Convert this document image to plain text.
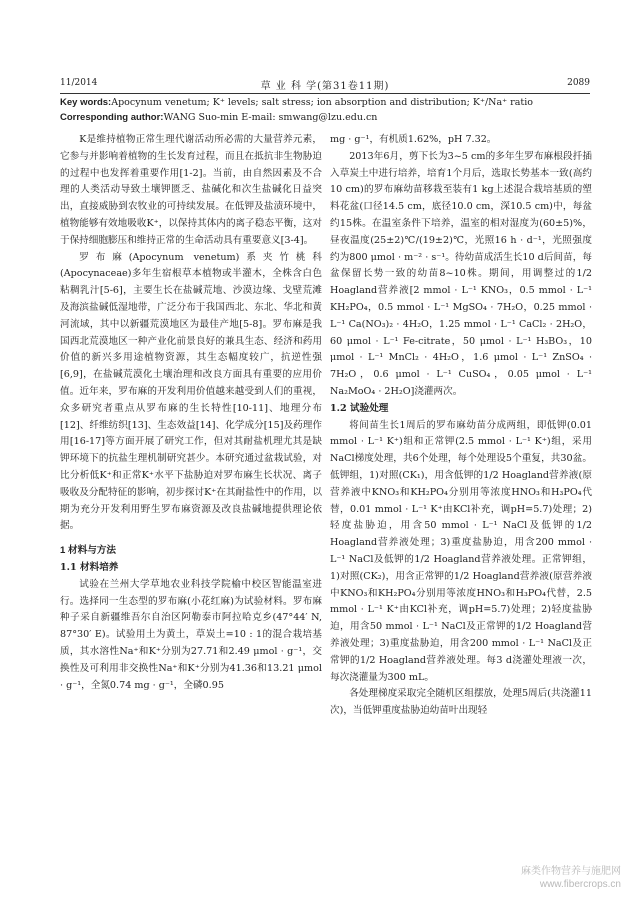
11/2014	草 业 科 学(第31卷11期)	2089
Key words:Apocynum venetum; K⁺ levels; salt stress; ion absorption and distribution; K⁺/Na⁺ ratio
Corresponding author:WANG Suo-min E-mail: smwang@lzu.edu.cn

K是维持植物正常生理代谢活动所必需的大量营养元素，它参与并影响着植物的生长发育过程，而且在抵抗非生物胁迫的过程中也发挥着重要作用[1-2]。当前，由自然因素及不合理的人类活动导致土壤钾匮乏、盐碱化和次生盐碱化日益突出，直接威胁到农牧业的可持续发展。在低钾及盐渍环境中，植物能够有效地吸收K⁺，以保持其体内的离子稳态平衡，这对于保持细胞膨压和维持正常的生命活动具有重要意义[3-4]。

罗布麻(Apocynum venetum)系夹竹桃科(Apocynaceae)多年生宿根草本植物或半灌木，全株含白色粘稠乳汁[5-6]，主要生长在盐碱荒地、沙漠边缘、戈壁荒滩及海滨盐碱低湿地带，广泛分布于我国西北、东北、华北和黄河流域，其中以新疆荒漠地区为最佳产地[5-8]。罗布麻是我国西北荒漠地区一种产业化前景良好的兼具生态、经济和药用价值的新兴多用途植物资源，其生态幅度较广，抗逆性强[6,9]，在盐碱荒漠化土壤治理和改良方面具有重要的应用价值。近年来，罗布麻的开发利用价值越来越受到人们的重视，众多研究者重点从罗布麻的生长特性[10-11]、地理分布[12]、纤维纺织[13]、生态效益[14]、化学成分[15]及药理作用[16-17]等方面开展了研究工作，但对其耐盐机理尤其是缺钾环境下的抗盐生理机制研究甚少。本研究通过盆栽试验，对比分析低K⁺和正常K⁺水平下盐胁迫对罗布麻生长状况、离子吸收及分配特征的影响，初步探讨K⁺在其耐盐性中的作用，以期为充分开发利用野生罗布麻资源及改良盐碱地提供理论依据。

1 材料与方法

1.1 材料培养

试验在兰州大学草地农业科技学院榆中校区智能温室进行。选择同一生态型的罗布麻(小花红麻)为试验材料。罗布麻种子采自新疆维吾尔自治区阿勒泰市阿拉哈克乡(47°44′ N, 87°30′ E)。试验用土为黄土，草炭土=10 : 1的混合栽培基质，其水溶性Na⁺和K⁺分别为27.71和2.49 μmol · g⁻¹，交换性及可利用非交换性Na⁺和K⁺分别为41.36和13.21 μmol · g⁻¹，全氮0.74 mg · g⁻¹，全磷0.95

mg · g⁻¹，有机质1.62%，pH 7.32。

2013年6月，剪下长为3~5 cm的多年生罗布麻根段扦插入草炭土中进行培养，培育1个月后，选取长势基本一致(高约10 cm)的罗布麻幼苗移栽至装有1 kg上述混合栽培基质的塑料花盆(口径14.5 cm，底径10.0 cm，深10.5 cm)中，每盆约15株。在温室条件下培养，温室的相对湿度为(60±5)%，昼夜温度(25±2)℃/(19±2)℃，光照16 h · d⁻¹，光照强度约为800 μmol · m⁻² · s⁻¹。待幼苗成活生长10 d后间苗，每盆保留长势一致的幼苗8~10株。期间，用调整过的1/2 Hoagland营养液[2 mmol · L⁻¹ KNO₃，0.5 mmol · L⁻¹ KH₂PO₄，0.5 mmol · L⁻¹ MgSO₄ · 7H₂O，0.25 mmol · L⁻¹ Ca(NO₃)₂ · 4H₂O，1.25 mmol · L⁻¹ CaCl₂ · 2H₂O，60 μmol · L⁻¹ Fe-citrate，50 μmol · L⁻¹ H₃BO₃，10 μmol · L⁻¹ MnCl₂ · 4H₂O，1.6 μmol · L⁻¹ ZnSO₄ · 7H₂O，0.6 μmol · L⁻¹ CuSO₄，0.05 μmol · L⁻¹ Na₂MoO₄ · 2H₂O]浇灌两次。

1.2 试验处理

将间苗生长1周后的罗布麻幼苗分成两组，即低钾(0.01 mmol · L⁻¹ K⁺)组和正常钾(2.5 mmol · L⁻¹ K⁺)组，采用NaCl梯度处理，共6个处理，每个处理设5个重复，共30盆。低钾组，1)对照(CK₁)，用含低钾的1/2 Hoagland营养液(原营养液中KNO₃和KH₂PO₄分别用等浓度HNO₃和H₃PO₄代替，0.01 mmol · L⁻¹ K⁺由KCl补充，调pH=5.7)处理；2)轻度盐胁迫，用含50 mmol · L⁻¹ NaCl及低钾的1/2 Hoagland营养液处理；3)重度盐胁迫，用含200 mmol · L⁻¹ NaCl及低钾的1/2 Hoagland营养液处理。正常钾组，1)对照(CK₂)，用含正常钾的1/2 Hoagland营养液(原营养液中KNO₃和KH₂PO₄分别用等浓度HNO₃和H₃PO₄代替，2.5 mmol · L⁻¹ K⁺由KCl补充，调pH=5.7)处理；2)轻度盐胁迫，用含50 mmol · L⁻¹ NaCl及正常钾的1/2 Hoagland营养液处理；3)重度盐胁迫，用含200 mmol · L⁻¹ NaCl及正常钾的1/2 Hoagland营养液处理。每3 d浇灌处理液一次，每次浇灌量为300 mL。

各处理梯度采取完全随机区组摆放，处理5周后(共浇灌11次)，当低钾重度盐胁迫幼苗叶出现轻

麻类作物营养与施肥网
www.fibercrops.cn
